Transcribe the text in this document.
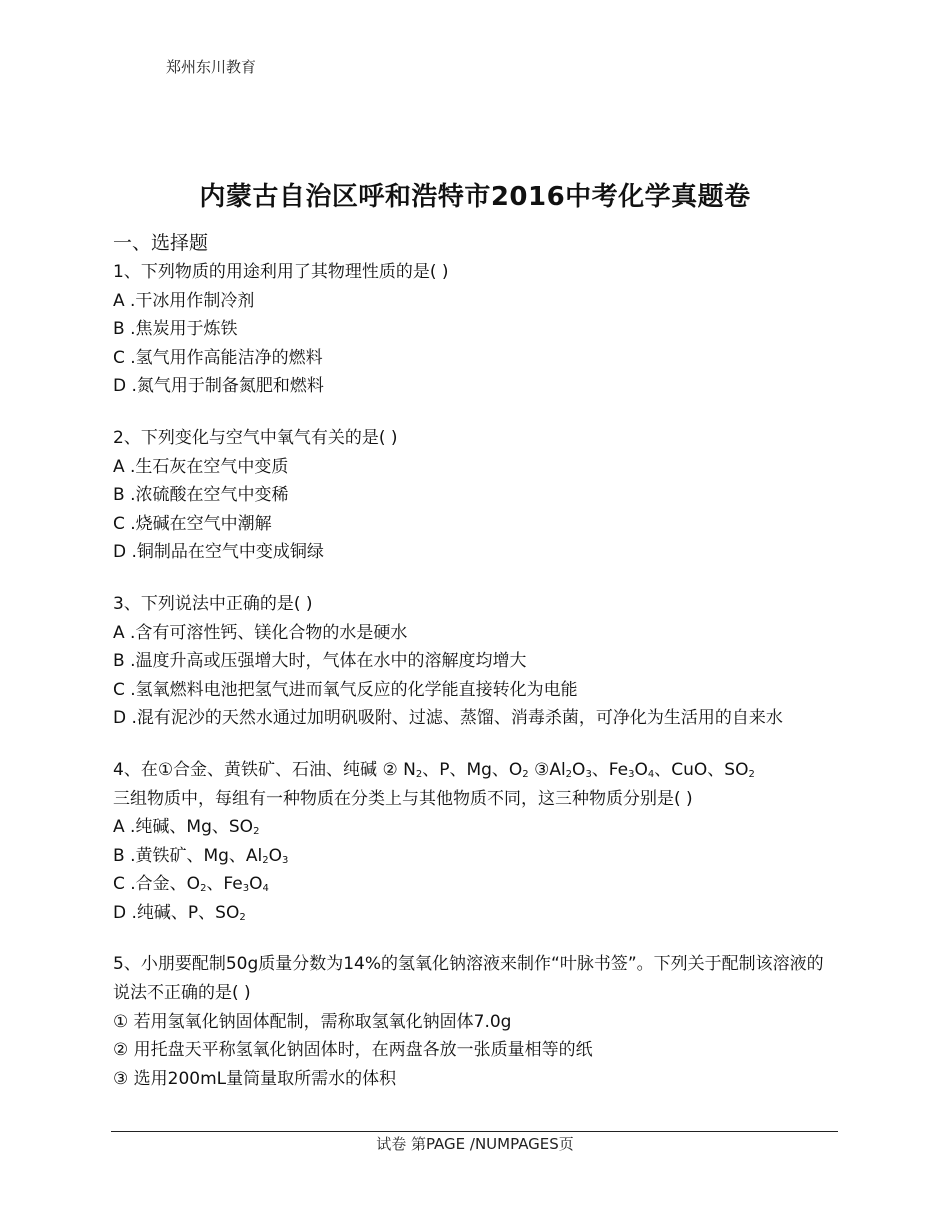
郑州东川教育
内蒙古自治区呼和浩特市2016中考化学真题卷
一、选择题
1、下列物质的用途利用了其物理性质的是( )
A .干冰用作制冷剂
B .焦炭用于炼铁
C .氢气用作高能洁净的燃料
D .氮气用于制备氮肥和燃料
2、下列变化与空气中氧气有关的是( )
A .生石灰在空气中变质
B .浓硫酸在空气中变稀
C .烧碱在空气中潮解
D .铜制品在空气中变成铜绿
3、下列说法中正确的是( )
A .含有可溶性钙、镁化合物的水是硬水
B .温度升高或压强增大时，气体在水中的溶解度均增大
C .氢氧燃料电池把氢气进而氧气反应的化学能直接转化为电能
D .混有泥沙的天然水通过加明矾吸附、过滤、蒸馏、消毒杀菌，可净化为生活用的自来水
4、在①合金、黄铁矿、石油、纯碱 ② $N_2$、P、Mg、$O_2$ $③Al_2O_3$、$Fe_3O_4$、CuO、$SO_2$
三组物质中，每组有一种物质在分类上与其他物质不同，这三种物质分别是( )
A .纯碱、Mg、$SO_2$
B .黄铁矿、Mg、$Al_2O_3$
C .合金、$O_2$、$Fe_3O_4$
D .纯碱、P、$SO_2$
5、小朋要配制50g质量分数为14%的氢氧化钠溶液来制作“叶脉书签”。下列关于配制该溶液的说法不正确的是( )
① 若用氢氧化钠固体配制，需称取氢氧化钠固体7.0g
② 用托盘天平称氢氧化钠固体时，在两盘各放一张质量相等的纸
③ 选用200mL量筒量取所需水的体积
试卷 第PAGE /NUMPAGES页
